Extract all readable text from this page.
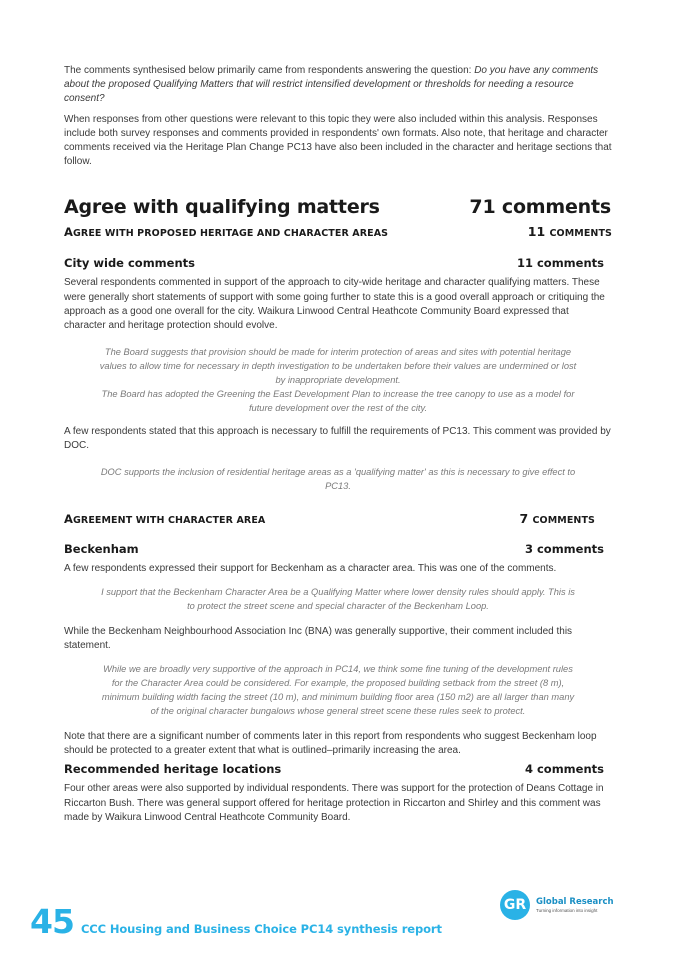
The comments synthesised below primarily came from respondents answering the question: Do you have any comments about the proposed Qualifying Matters that will restrict intensified development or thresholds for needing a resource consent?

When responses from other questions were relevant to this topic they were also included within this analysis. Responses include both survey responses and comments provided in respondents' own formats. Also note, that heritage and character comments received via the Heritage Plan Change PC13 have also been included in the character and heritage sections that follow.

Agree with qualifying matters	71 comments
AGREE WITH PROPOSED HERITAGE AND CHARACTER AREAS	11 COMMENTS
City wide comments	11 comments

Several respondents commented in support of the approach to city-wide heritage and character qualifying matters. These were generally short statements of support with some going further to state this is a good overall approach or critiquing the approach as a good one overall for the city. Waikura Linwood Central Heathcote Community Board expressed that character and heritage protection should evolve.

The Board suggests that provision should be made for interim protection of areas and sites with potential heritage values to allow time for necessary in depth investigation to be undertaken before their values are undermined or lost by inappropriate development.

The Board has adopted the Greening the East Development Plan to increase the tree canopy to use as a model for future development over the rest of the city.

A few respondents stated that this approach is necessary to fulfill the requirements of PC13. This comment was provided by DOC.

DOC supports the inclusion of residential heritage areas as a 'qualifying matter' as this is necessary to give effect to PC13.

AGREEMENT WITH CHARACTER AREA	7 COMMENTS
Beckenham	3 comments

A few respondents expressed their support for Beckenham as a character area. This was one of the comments.

I support that the Beckenham Character Area be a Qualifying Matter where lower density rules should apply. This is to protect the street scene and special character of the Beckenham Loop.

While the Beckenham Neighbourhood Association Inc (BNA) was generally supportive, their comment included this statement.

While we are broadly very supportive of the approach in PC14, we think some fine tuning of the development rules for the Character Area could be considered. For example, the proposed building setback from the street (8 m), minimum building width facing the street (10 m), and minimum building floor area (150 m2) are all larger than many of the original character bungalows whose general street scene these rules seek to protect.

Note that there are a significant number of comments later in this report from respondents who suggest Beckenham loop should be protected to a greater extent that what is outlined–primarily increasing the area.

Recommended heritage locations	4 comments

Four other areas were also supported by individual respondents. There was support for the protection of Deans Cottage in Riccarton Bush. There was general support offered for heritage protection in Riccarton and Shirley and this comment was made by Waikura Linwood Central Heathcote Community Board.

45 CCC Housing and Business Choice PC14 synthesis report
GR	Global Research
Turning information into insight
